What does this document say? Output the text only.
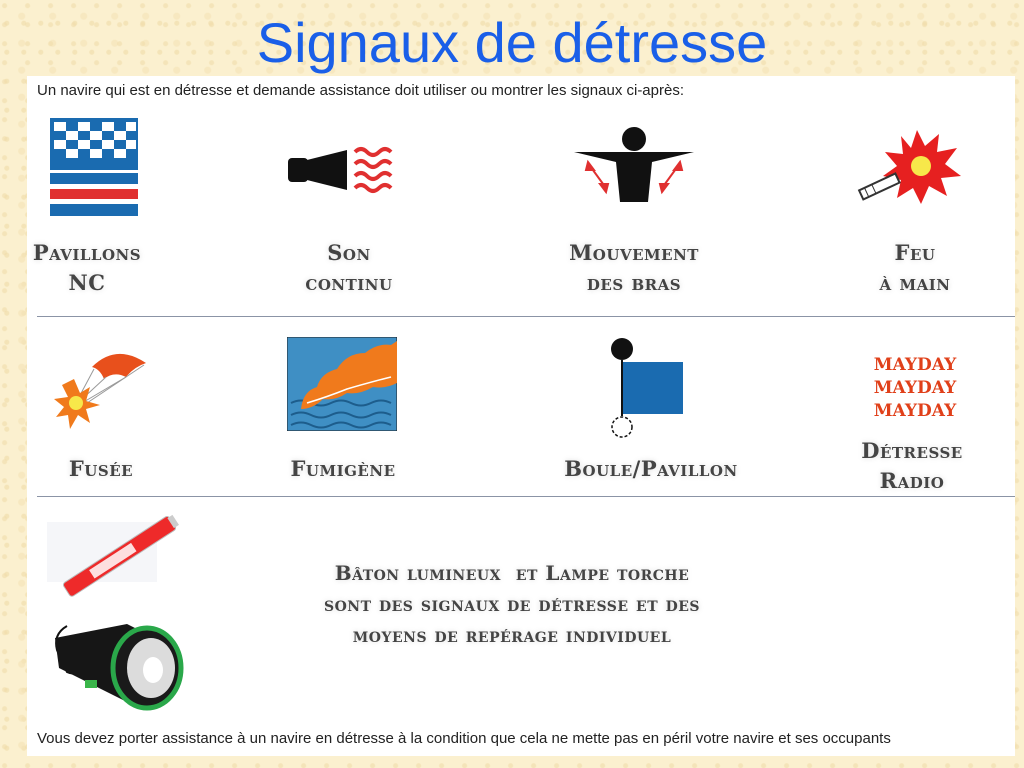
Signaux de détresse
Un navire qui est en détresse et demande assistance doit utiliser ou montrer les signaux ci-après:
Pavillons
NC
Son
continu
Mouvement
des bras
Feu
à main
MAYDAY
MAYDAY
MAYDAY
Fusée	Fumigène	Boule/Pavillon
Détresse
Radio
Bâton lumineux  et Lampe torche
sont des signaux de détresse et des
moyens de repérage individuel
Vous devez porter assistance à un navire en détresse à la condition que cela ne mette pas en péril votre navire et ses occupants
